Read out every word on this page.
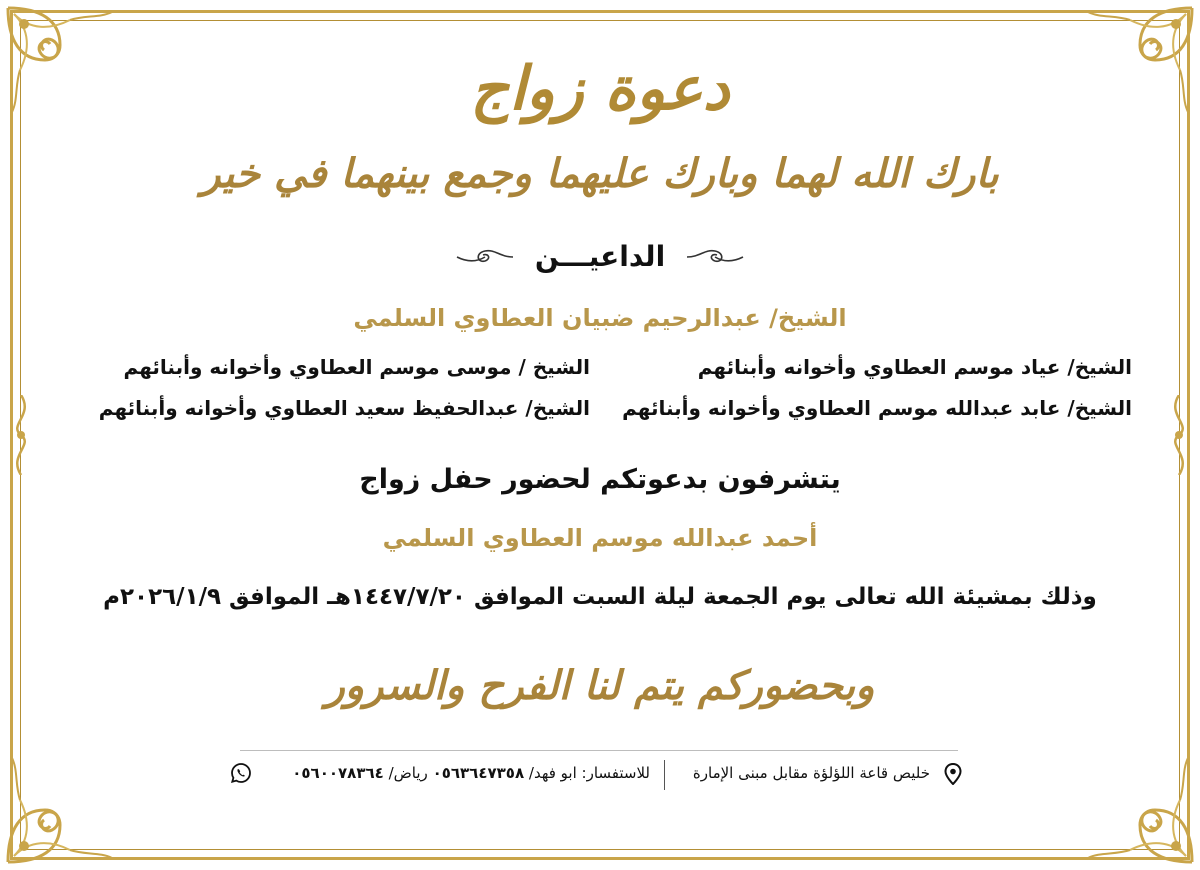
دعوة زواج
بارك الله لهما وبارك عليهما وجمع بينهما في خير
الداعيـــن
الشيخ/ عبدالرحيم ضبيان العطاوي السلمي
الشيخ/ عياد موسم العطاوي وأخوانه وأبنائهم
الشيخ / موسى موسم العطاوي وأخوانه وأبنائهم
الشيخ/ عابد عبدالله موسم العطاوي وأخوانه وأبنائهم
الشيخ/ عبدالحفيظ سعيد العطاوي وأخوانه وأبنائهم
يتشرفون بدعوتكم لحضور حفل زواج
أحمد عبدالله موسم العطاوي السلمي
وذلك بمشيئة الله تعالى يوم الجمعة ليلة السبت الموافق ١٤٤٧/٧/٢٠هـ الموافق ٢٠٢٦/١/٩م
وبحضوركم يتم لنا الفرح والسرور
خليص قاعة اللؤلؤة مقابل مبنى الإمارة
للاستفسار: ابو فهد/ ٠٥٦٣٦٤٧٣٥٨ رياض/ ٠٥٦٠٠٧٨٣٦٤
